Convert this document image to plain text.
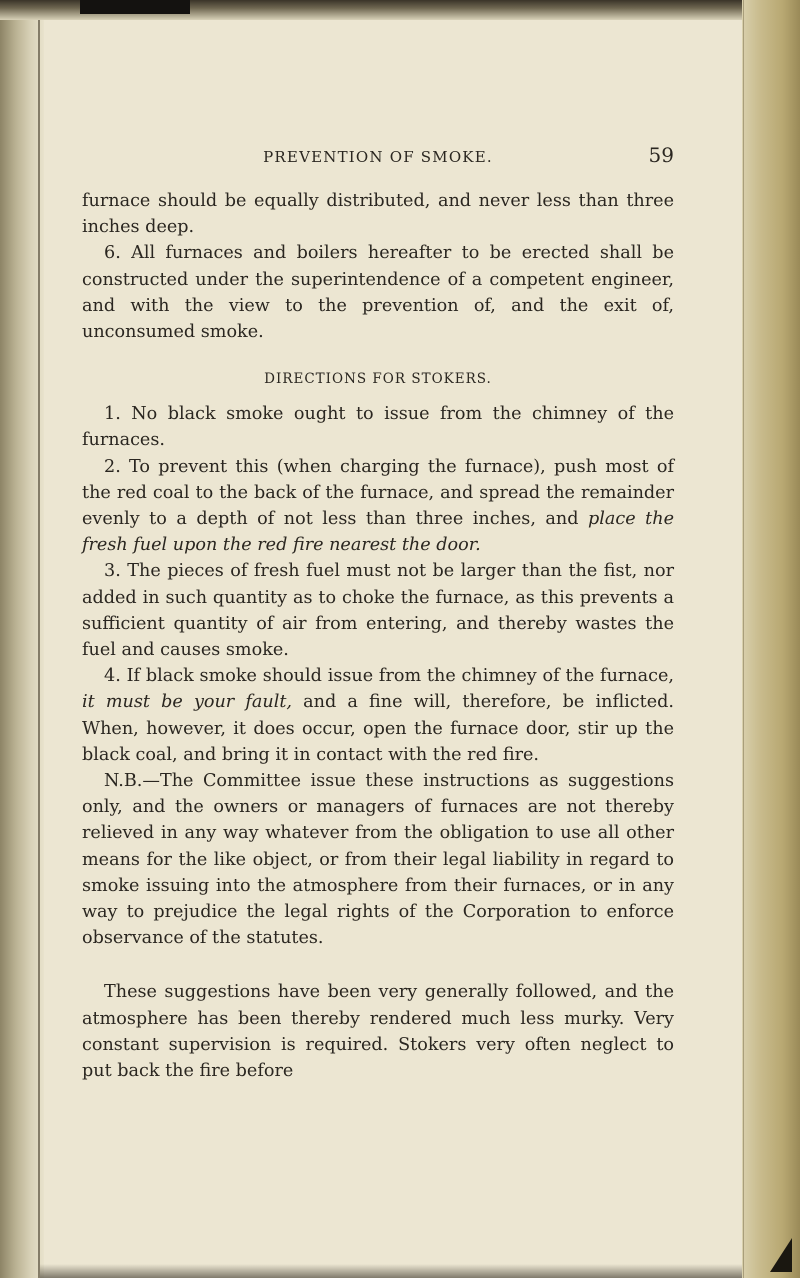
PREVENTION OF SMOKE.	59

furnace should be equally distributed, and never less than three inches deep.

6. All furnaces and boilers hereafter to be erected shall be constructed under the superintendence of a competent engineer, and with the view to the prevention of, and the exit of, unconsumed smoke.

DIRECTIONS FOR STOKERS.

1. No black smoke ought to issue from the chimney of the furnaces.

2. To prevent this (when charging the furnace), push most of the red coal to the back of the furnace, and spread the remainder evenly to a depth of not less than three inches, and place the fresh fuel upon the red fire nearest the door.

3. The pieces of fresh fuel must not be larger than the fist, nor added in such quantity as to choke the furnace, as this prevents a sufficient quantity of air from entering, and thereby wastes the fuel and causes smoke.

4. If black smoke should issue from the chimney of the furnace, it must be your fault, and a fine will, therefore, be inflicted. When, however, it does occur, open the furnace door, stir up the black coal, and bring it in contact with the red fire.

N.B.—The Committee issue these instructions as suggestions only, and the owners or managers of furnaces are not thereby relieved in any way whatever from the obligation to use all other means for the like object, or from their legal liability in regard to smoke issuing into the atmosphere from their furnaces, or in any way to prejudice the legal rights of the Corporation to enforce observance of the statutes.

These suggestions have been very generally followed, and the atmosphere has been thereby rendered much less murky. Very constant supervision is required. Stokers very often neglect to put back the fire before
